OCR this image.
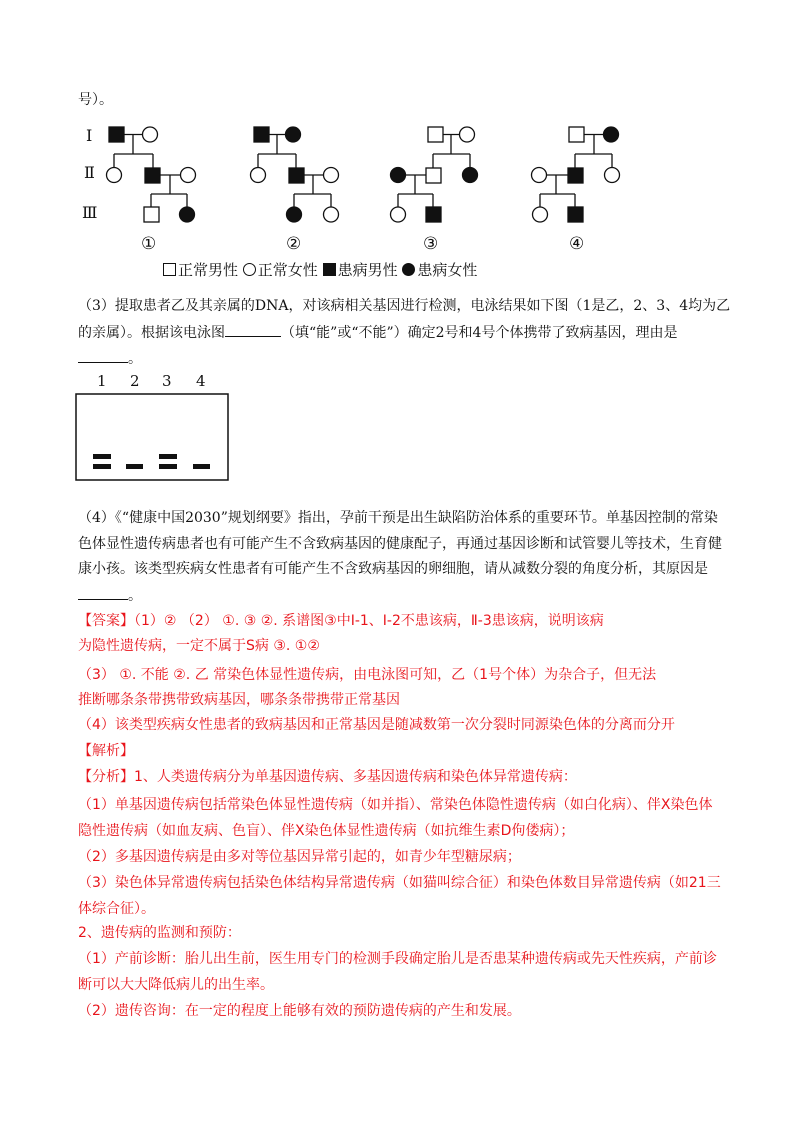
号）。
Ⅰ
Ⅱ
Ⅲ
①	②	③	④
正常男性 正常女性 患病男性 患病女性
（3）提取患者乙及其亲属的DNA，对该病相关基因进行检测，电泳结果如下图（1是乙，2、3、4均为乙
的亲属）。根据该电泳图	（填“能”或“不能”）确定2号和4号个体携带了致病基因，理由是
。
1 2 3 4
（4）《“健康中国2030”规划纲要》指出，孕前干预是出生缺陷防治体系的重要环节。单基因控制的常染
色体显性遗传病患者也有可能产生不含致病基因的健康配子，再通过基因诊断和试管婴儿等技术，生育健
康小孩。该类型疾病女性患者有可能产生不含致病基因的卵细胞，请从减数分裂的角度分析，其原因是
。
【答案】（1）② （2） ①. ③ ②. 系谱图③中Ⅰ-1、Ⅰ-2不患该病，Ⅱ-3患该病，说明该病
为隐性遗传病，一定不属于S病 ③. ①②
（3） ①. 不能 ②. 乙 常染色体显性遗传病，由电泳图可知，乙（1号个体）为杂合子，但无法
推断哪条条带携带致病基因，哪条条带携带正常基因
（4）该类型疾病女性患者的致病基因和正常基因是随减数第一次分裂时同源染色体的分离而分开
【解析】
【分析】1、人类遗传病分为单基因遗传病、多基因遗传病和染色体异常遗传病：
（1）单基因遗传病包括常染色体显性遗传病（如并指）、常染色体隐性遗传病（如白化病）、伴X染色体
隐性遗传病（如血友病、色盲）、伴X染色体显性遗传病（如抗维生素D佝偻病）；
（2）多基因遗传病是由多对等位基因异常引起的，如青少年型糖尿病；
（3）染色体异常遗传病包括染色体结构异常遗传病（如猫叫综合征）和染色体数目异常遗传病（如21三
体综合征）。
2、遗传病的监测和预防：
（1）产前诊断：胎儿出生前，医生用专门的检测手段确定胎儿是否患某种遗传病或先天性疾病，产前诊
断可以大大降低病儿的出生率。
（2）遗传咨询：在一定的程度上能够有效的预防遗传病的产生和发展。
